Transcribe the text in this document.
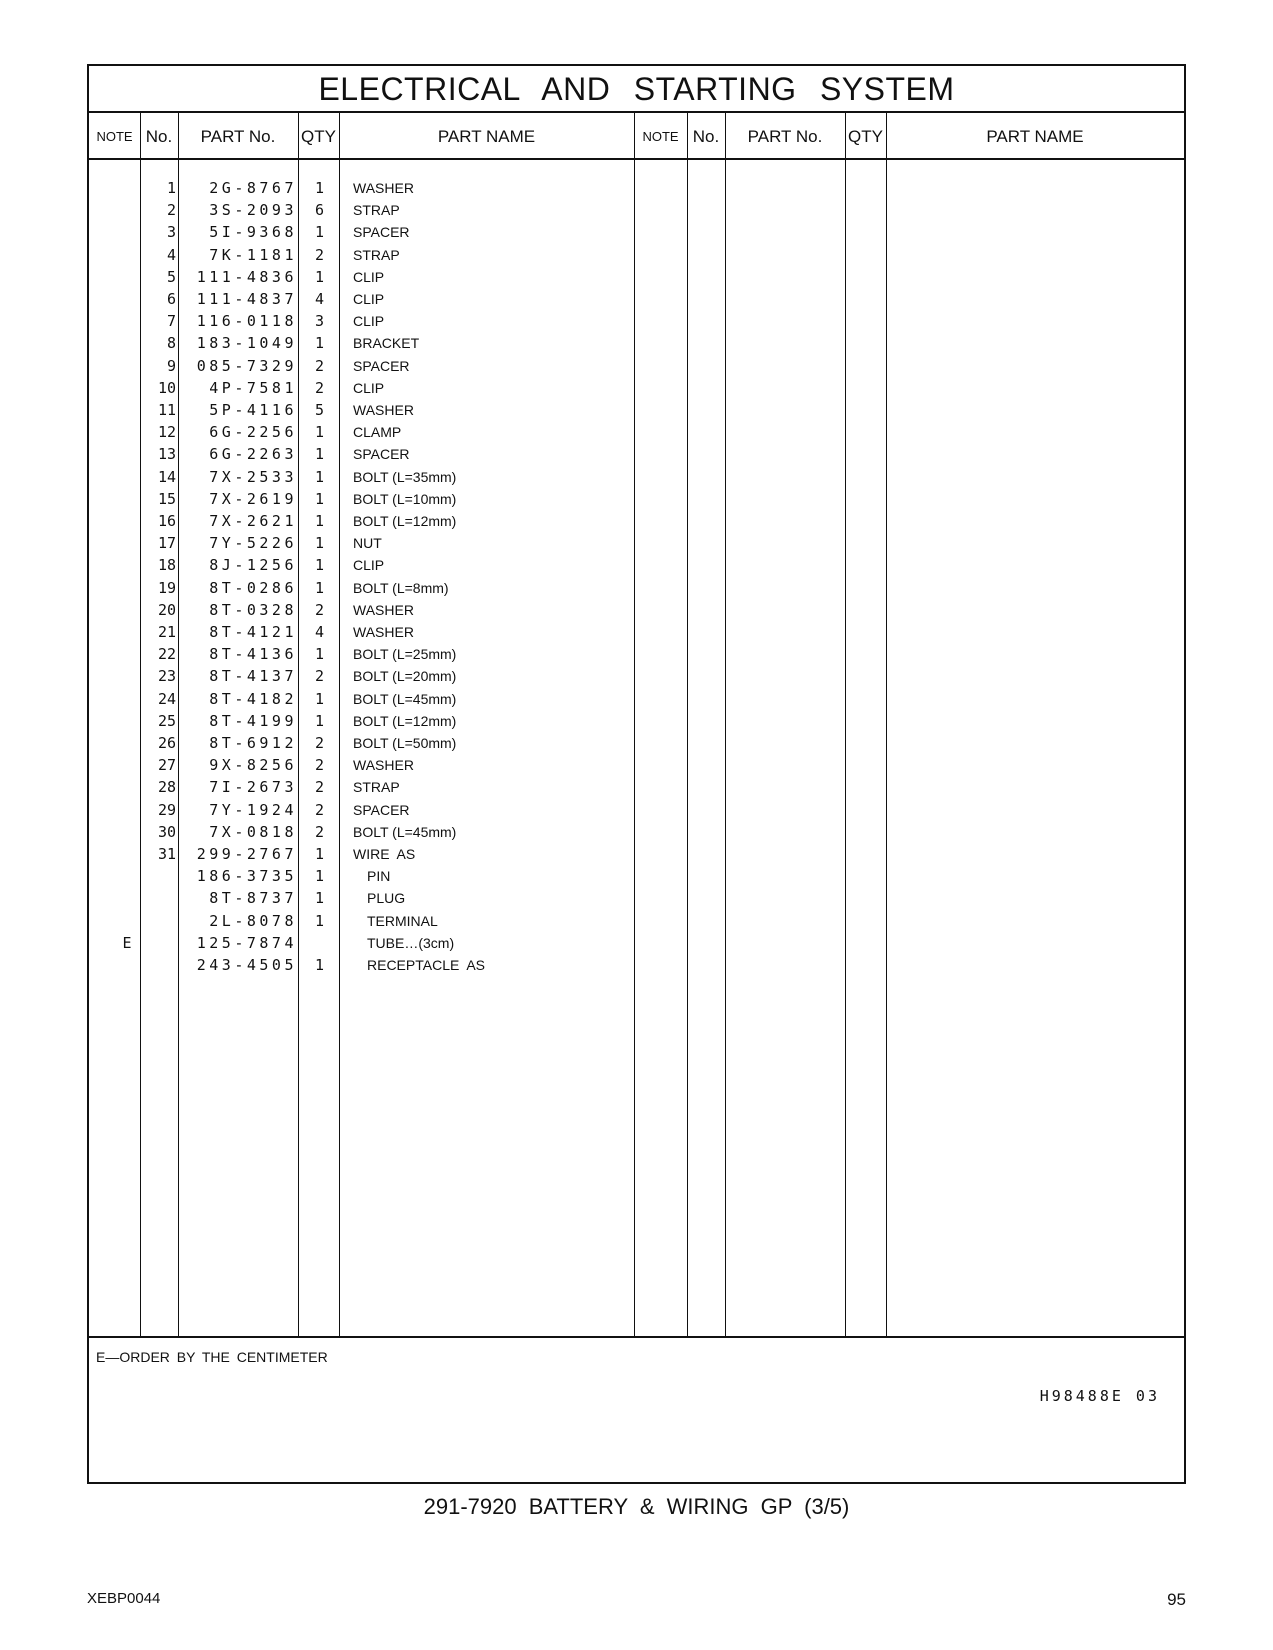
ELECTRICAL AND STARTING SYSTEM
NOTE No.	PART No.	QTY	PART NAME	NOTE No.	PART No.	QTY	PART NAME
1	2G-8767	1 WASHER
2	3S-2093	6 STRAP
3	5I-9368	1 SPACER
4	7K-1181	2 STRAP
5	111-4836	1 CLIP
6	111-4837	4 CLIP
7	116-0118	3 CLIP
8	183-1049	1 BRACKET
9	085-7329	2 SPACER
10	4P-7581	2 CLIP
11	5P-4116	5 WASHER
12	6G-2256	1 CLAMP
13	6G-2263	1 SPACER
14	7X-2533	1 BOLT (L=35mm)
15	7X-2619	1 BOLT (L=10mm)
16	7X-2621	1 BOLT (L=12mm)
17	7Y-5226	1 NUT
18	8J-1256	1 CLIP
19	8T-0286	1 BOLT (L=8mm)
20	8T-0328	2 WASHER
21	8T-4121	4 WASHER
22	8T-4136	1 BOLT (L=25mm)
23	8T-4137	2 BOLT (L=20mm)
24	8T-4182	1 BOLT (L=45mm)
25	8T-4199	1 BOLT (L=12mm)
26	8T-6912	2 BOLT (L=50mm)
27	9X-8256	2 WASHER
28	7I-2673	2 STRAP
29	7Y-1924	2 SPACER
30	7X-0818	2 BOLT (L=45mm)
31	299-2767	1 WIRE  AS
186-3735	1	PIN
8T-8737	1	PLUG
2L-8078	1	TERMINAL
E	125-7874	TUBE…(3cm)
243-4505	1	RECEPTACLE  AS
E—ORDER BY THE CENTIMETER
H98488E 03
291-7920 BATTERY & WIRING GP (3/5)
XEBP0044	95
